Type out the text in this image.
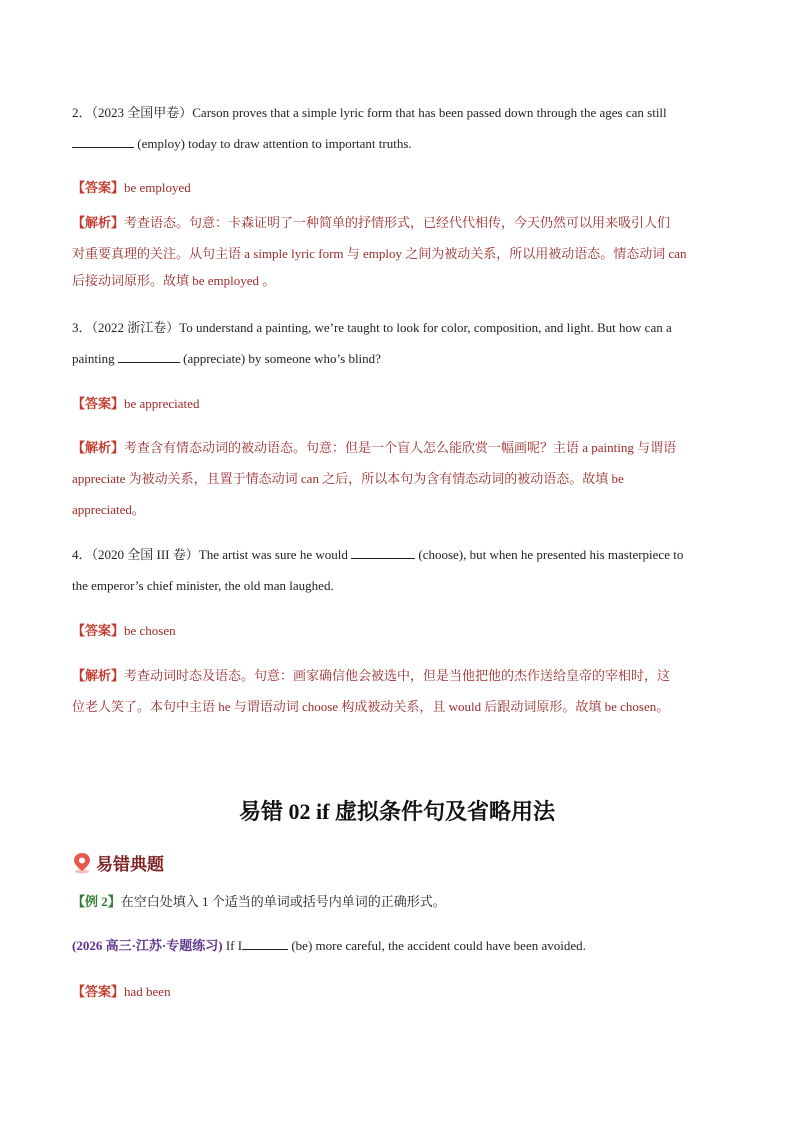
2．（2023 全国甲卷）Carson proves that a simple lyric form that has been passed down through the ages can still
(employ) today to draw attention to important truths.
【答案】be employed
【解析】考查语态。句意：卡森证明了一种简单的抒情形式，已经代代相传，今天仍然可以用来吸引人们
对重要真理的关注。从句主语 a simple lyric form 与 employ 之间为被动关系，所以用被动语态。情态动词 can
后接动词原形。故填 be employed 。
3．（2022 浙江卷）To understand a painting, we’re taught to look for color, composition, and light. But how can a
painting	(appreciate) by someone who’s blind?
【答案】be appreciated
【解析】考查含有情态动词的被动语态。句意：但是一个盲人怎么能欣赏一幅画呢？主语 a painting 与谓语
appreciate 为被动关系，且置于情态动词 can 之后，所以本句为含有情态动词的被动语态。故填 be
appreciated。
4．（2020 全国 III 卷）The artist was sure he would	(choose), but when he presented his masterpiece to
the emperor’s chief minister, the old man laughed.
【答案】be chosen
【解析】考查动词时态及语态。句意：画家确信他会被选中，但是当他把他的杰作送给皇帝的宰相时，这
位老人笑了。本句中主语 he 与谓语动词 choose 构成被动关系，且 would 后跟动词原形。故填 be chosen。
易错 02 if 虚拟条件句及省略用法
易错典题
【例 2】在空白处填入 1 个适当的单词或括号内单词的正确形式。
(2026 高三·江苏·专题练习) If I	(be) more careful, the accident could have been avoided.
【答案】had been
